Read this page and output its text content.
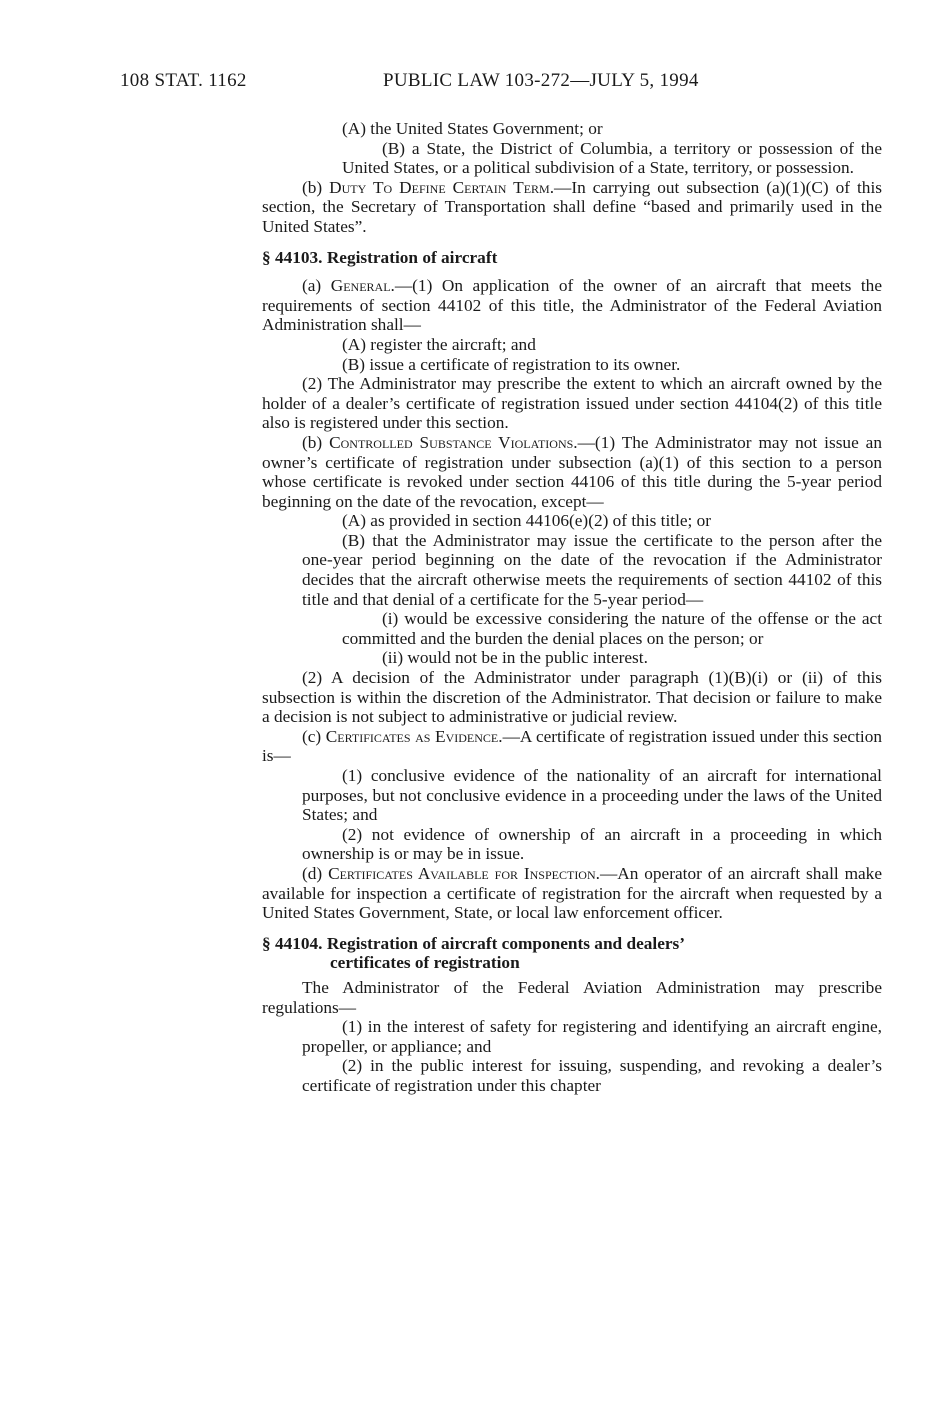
108 STAT. 1162	PUBLIC LAW 103-272—JULY 5, 1994

(A) the United States Government; or

(B) a State, the District of Columbia, a territory or possession of the United States, or a political subdivision of a State, territory, or possession.

(b) Duty To Define Certain Term.—In carrying out subsection (a)(1)(C) of this section, the Secretary of Transportation shall define “based and primarily used in the United States”.

§ 44103. Registration of aircraft

(a) General.—(1) On application of the owner of an aircraft that meets the requirements of section 44102 of this title, the Administrator of the Federal Aviation Administration shall—

(A) register the aircraft; and

(B) issue a certificate of registration to its owner.

(2) The Administrator may prescribe the extent to which an aircraft owned by the holder of a dealer’s certificate of registration issued under section 44104(2) of this title also is registered under this section.

(b) Controlled Substance Violations.—(1) The Administrator may not issue an owner’s certificate of registration under subsection (a)(1) of this section to a person whose certificate is revoked under section 44106 of this title during the 5-year period beginning on the date of the revocation, except—

(A) as provided in section 44106(e)(2) of this title; or

(B) that the Administrator may issue the certificate to the person after the one-year period beginning on the date of the revocation if the Administrator decides that the aircraft otherwise meets the requirements of section 44102 of this title and that denial of a certificate for the 5-year period—

(i) would be excessive considering the nature of the offense or the act committed and the burden the denial places on the person; or

(ii) would not be in the public interest.

(2) A decision of the Administrator under paragraph (1)(B)(i) or (ii) of this subsection is within the discretion of the Administrator. That decision or failure to make a decision is not subject to administrative or judicial review.

(c) Certificates as Evidence.—A certificate of registration issued under this section is—

(1) conclusive evidence of the nationality of an aircraft for international purposes, but not conclusive evidence in a proceeding under the laws of the United States; and

(2) not evidence of ownership of an aircraft in a proceeding in which ownership is or may be in issue.

(d) Certificates Available for Inspection.—An operator of an aircraft shall make available for inspection a certificate of registration for the aircraft when requested by a United States Government, State, or local law enforcement officer.

§ 44104. Registration of aircraft components and dealers’
certificates of registration

The Administrator of the Federal Aviation Administration may prescribe regulations—

(1) in the interest of safety for registering and identifying an aircraft engine, propeller, or appliance; and

(2) in the public interest for issuing, suspending, and revoking a dealer’s certificate of registration under this chapter
